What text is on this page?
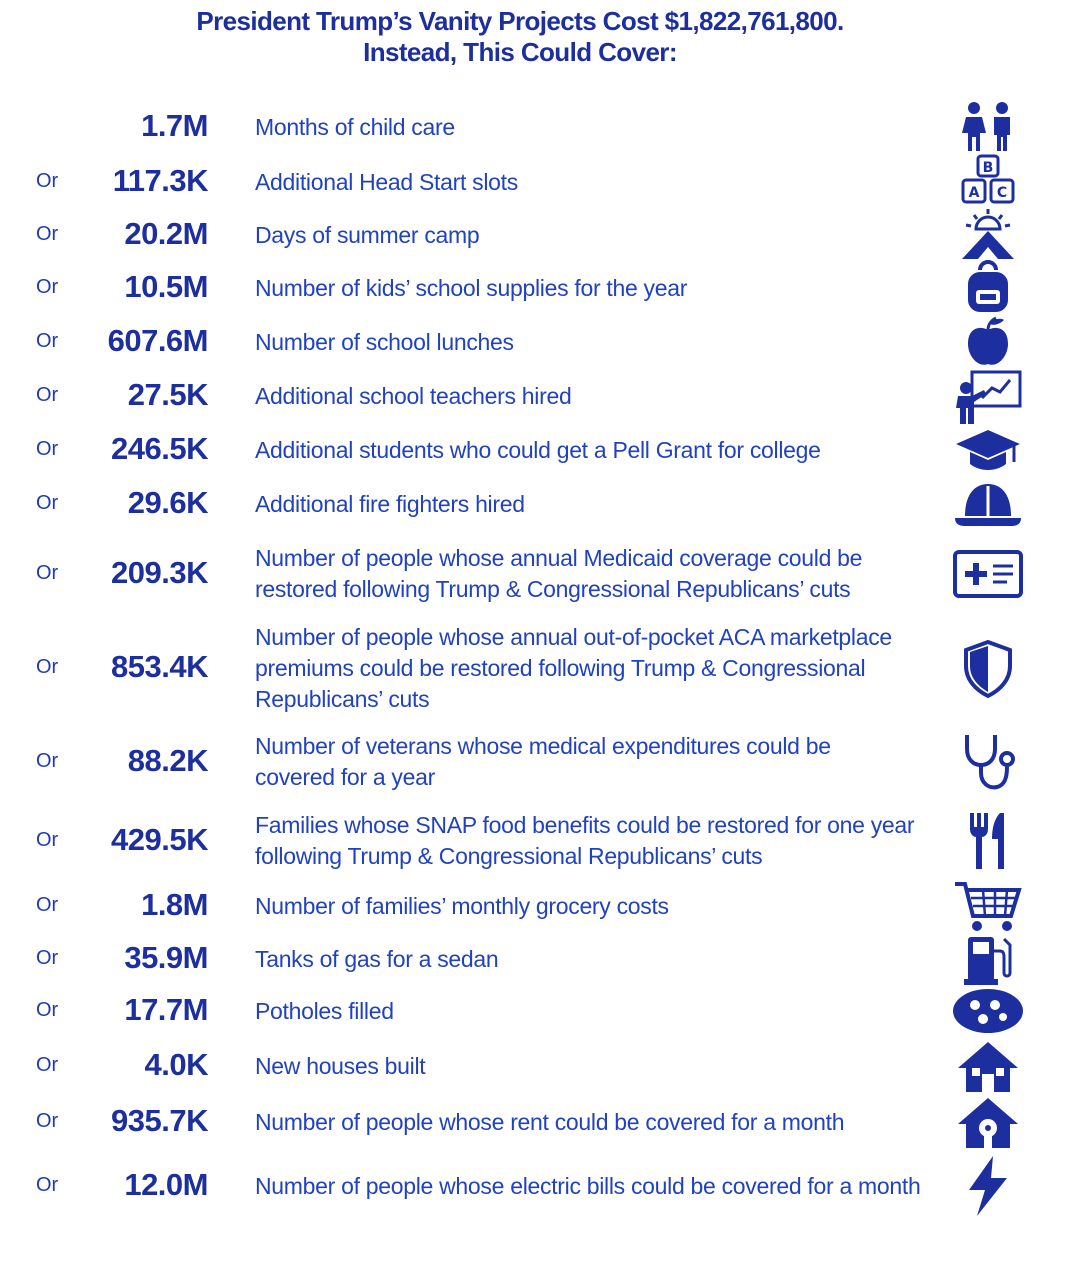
President Trump’s Vanity Projects Cost $1,822,761,800.
Instead, This Could Cover:
1.7M Months of child care
Or	117.3K Additional Head Start slots
B
A C
Or	20.2M Days of summer camp
Or	10.5M Number of kids’ school supplies for the year
Or	607.6M Number of school lunches
Or	27.5K Additional school teachers hired
Or	246.5K Additional students who could get a Pell Grant for college
Or	29.6K Additional fire fighters hired
Or	209.3K Number of people whose annual Medicaid coverage could be
restored following Trump & Congressional Republicans’ cuts
Or	853.4K
Number of people whose annual out-of-pocket ACA marketplace
premiums could be restored following Trump & Congressional
Republicans’ cuts
Or	88.2K Number of veterans whose medical expenditures could be
covered for a year
Or	429.5K Families whose SNAP food benefits could be restored for one year
following Trump & Congressional Republicans’ cuts
Or	1.8M Number of families’ monthly grocery costs
Or	35.9M Tanks of gas for a sedan
Or	17.7M Potholes filled
Or	4.0K New houses built
Or	935.7K Number of people whose rent could be covered for a month
Or	12.0M Number of people whose electric bills could be covered for a month
